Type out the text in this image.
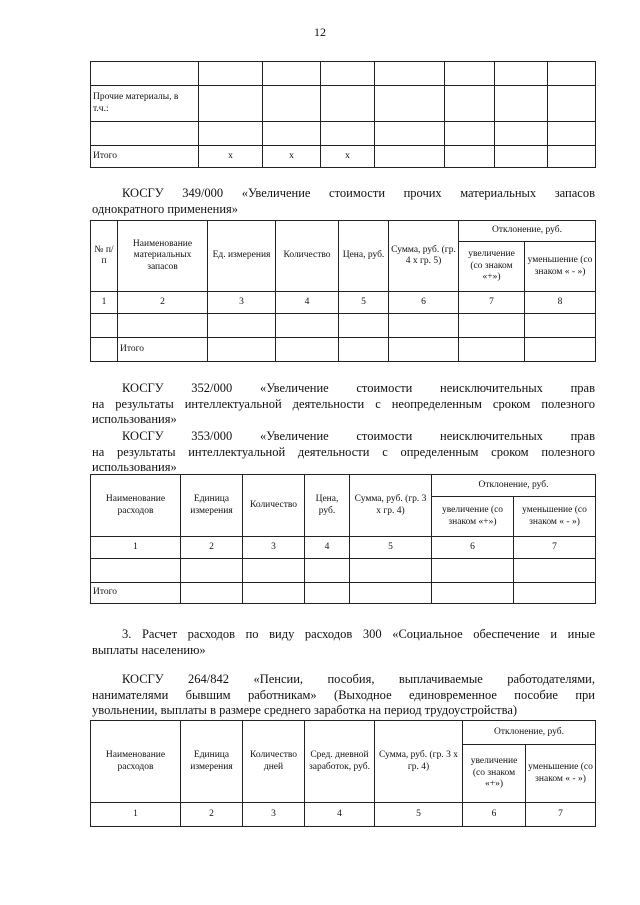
12

Прочие материалы, в т.ч.:							

Итого	x	x	x				

КОСГУ 349/000 «Увеличение стоимости прочих материальных запасов

однократного применения»

№ п/п	Наименование материальных запасов	Ед. измерения	Количество	Цена, руб.	Сумма, руб. (гр. 4 х гр. 5)	Отклонение, руб.	
						увеличение (со знаком «+»)	уменьшение (со знаком « - »)
1	2	3	4	5	6	7	8

	Итого						

КОСГУ 352/000 «Увеличение стоимости неисключительных прав

на результаты интеллектуальной деятельности с неопределенным сроком полезного

использования»

КОСГУ 353/000 «Увеличение стоимости неисключительных прав

на результаты интеллектуальной деятельности с определенным сроком полезного

использования»

Наименование расходов	Единица измерения	Количество	Цена, руб.	Сумма, руб. (гр. 3 х гр. 4)	Отклонение, руб.	
					увеличение (со знаком «+»)	уменьшение (со знаком « - »)
1	2	3	4	5	6	7

Итого						

3. Расчет расходов по виду расходов 300 «Социальное обеспечение и иные

выплаты населению»

КОСГУ 264/842 «Пенсии, пособия, выплачиваемые работодателями,

нанимателями бывшим работникам» (Выходное единовременное пособие при

увольнении, выплаты в размере среднего заработка на период трудоустройства)

Наименование расходов	Единица измерения	Количество дней	Сред. дневной заработок, руб.	Сумма, руб. (гр. 3 х гр. 4)	Отклонение, руб.	
					увеличение (со знаком «+»)	уменьшение (со знаком « - »)
1	2	3	4	5	6	7
